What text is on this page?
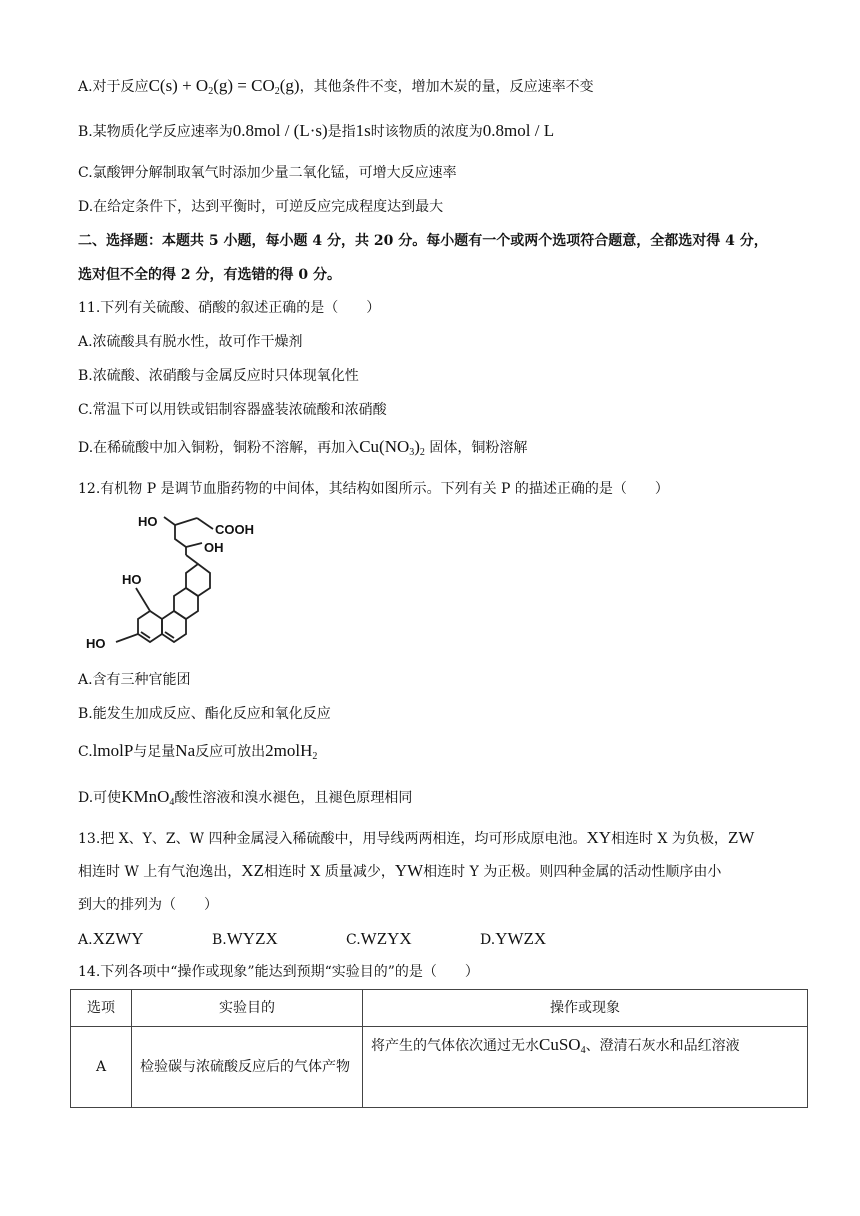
A.对于反应$C(s) + O_2(g) = CO_2(g)$，其他条件不变，增加木炭的量，反应速率不变
B.某物质化学反应速率为0.8mol / (L·s)是指1s时该物质的浓度为0.8mol / L
C.氯酸钾分解制取氧气时添加少量二氧化锰，可增大反应速率
D.在给定条件下，达到平衡时，可逆反应完成程度达到最大
二、选择题：本题共 5 小题，每小题 4 分，共 20 分。每小题有一个或两个选项符合题意，全都选对得 4 分，
选对但不全的得 2 分，有选错的得 0 分。
11.下列有关硫酸、硝酸的叙述正确的是（　　）
A.浓硫酸具有脱水性，故可作干燥剂
B.浓硫酸、浓硝酸与金属反应时只体现氧化性
C.常温下可以用铁或铝制容器盛装浓硫酸和浓硝酸
D.在稀硫酸中加入铜粉，铜粉不溶解，再加入$Cu(NO_3)_2$ 固体，铜粉溶解
12.有机物 P 是调节血脂药物的中间体，其结构如图所示。下列有关 P 的描述正确的是（　　）
HO
COOH
OH
HO
HO
A.含有三种官能团
B.能发生加成反应、酯化反应和氧化反应
C.lmolP与足量Na反应可放出2molH$_2$
D.可使KMnO$_4$酸性溶液和溴水褪色，且褪色原理相同
13.把 X、Y、Z、W 四种金属浸入稀硫酸中，用导线两两相连，均可形成原电池。XY相连时 X 为负极，ZW
相连时 W 上有气泡逸出，XZ相连时 X 质量减少，YW相连时 Y 为正极。则四种金属的活动性顺序由小
到大的排列为（　　）
A.XZWY	B.WYZX	C.WZYX	D.YWZX
14.下列各项中“操作或现象”能达到预期“实验目的”的是（　　）
选项	实验目的	操作或现象
A	检验碳与浓硫酸反应后的气体产物	将产生的气体依次通过无水CuSO$_4$、澄清石灰水和品红溶液
